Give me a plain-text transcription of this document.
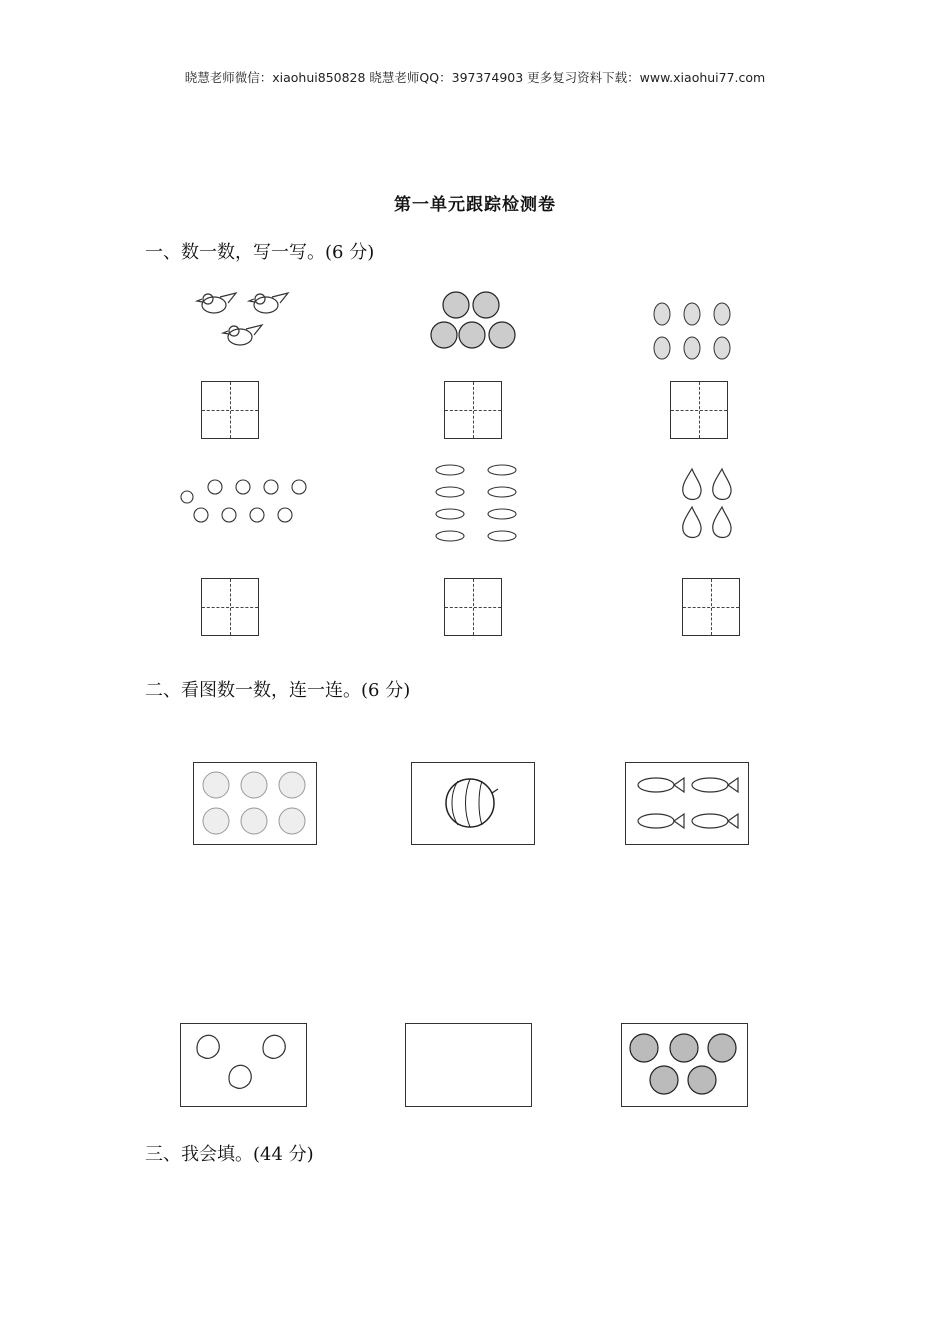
晓慧老师微信：xiaohui850828 晓慧老师QQ：397374903 更多复习资料下载：www.xiaohui77.com
第一单元跟踪检测卷
一、数一数，写一写。(6 分)
二、看图数一数，连一连。(6 分)
三、我会填。(44 分)
